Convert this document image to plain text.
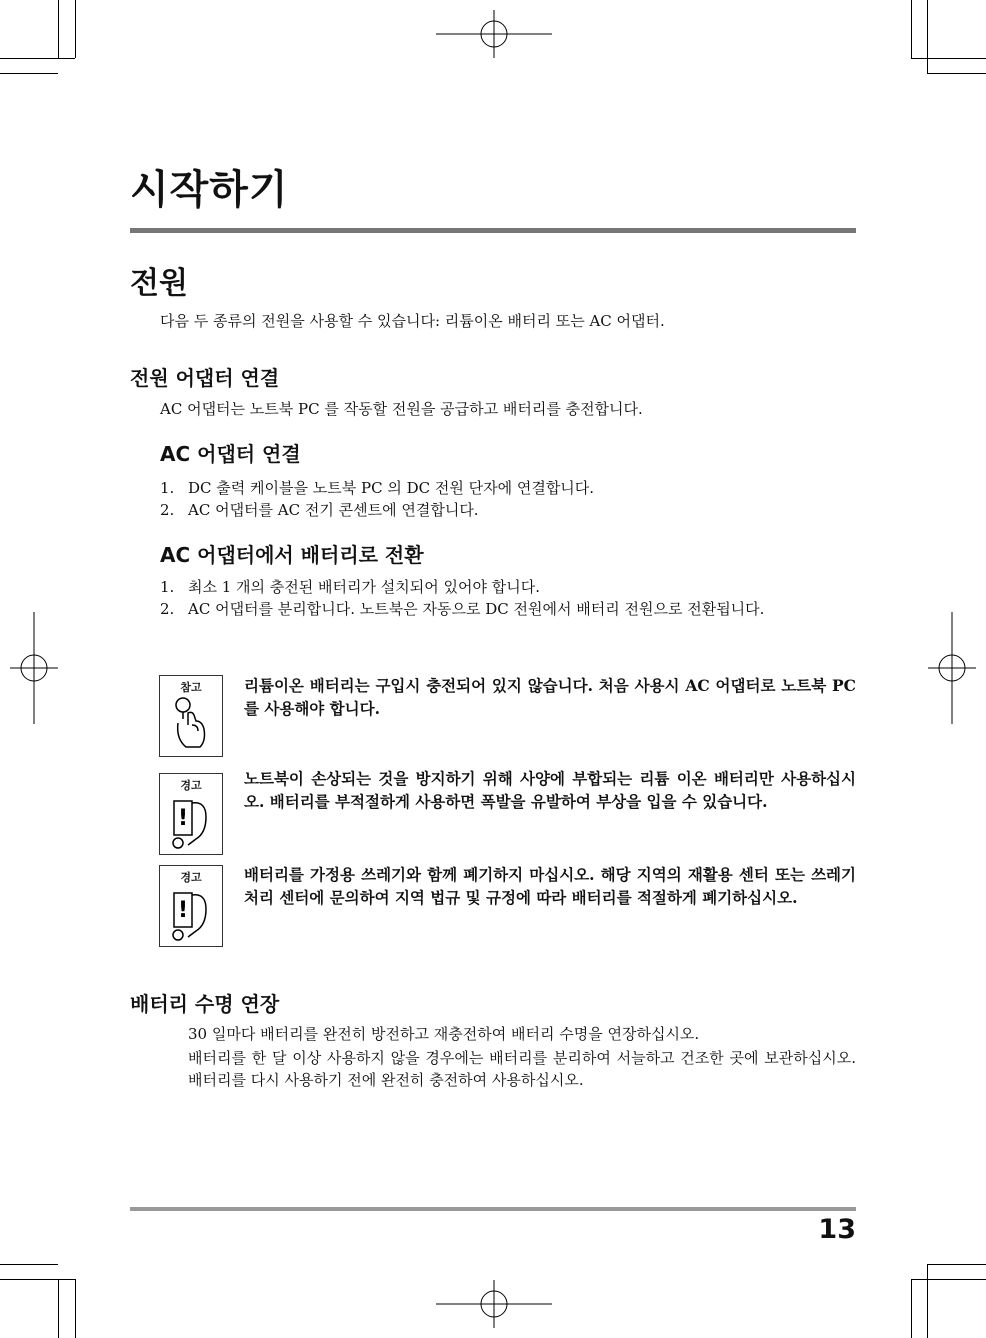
시작하기
전원

다음 두 종류의 전원을 사용할 수 있습니다: 리튬이온 배터리 또는 AC 어댑터.

전원 어댑터 연결

AC 어댑터는 노트북 PC 를 작동할 전원을 공급하고 배터리를 충전합니다.

AC 어댑터 연결
1. DC 출력 케이블을 노트북 PC 의 DC 전원 단자에 연결합니다.
2. AC 어댑터를 AC 전기 콘센트에 연결합니다.
AC 어댑터에서 배터리로 전환
1. 최소 1 개의 충전된 배터리가 설치되어 있어야 합니다.
2. AC 어댑터를 분리합니다. 노트북은 자동으로 DC 전원에서 배터리 전원으로 전환됩니다.
참고	리튬이온 배터리는 구입시 충전되어 있지 않습니다. 처음 사용시 AC 어댑터로 노트북 PC 를 사용해야 합니다.

경고
!

노트북이 손상되는 것을 방지하기 위해 사양에 부합되는 리튬 이온 배터리만 사용하십시오. 배터리를 부적절하게 사용하면 폭발을 유발하여 부상을 입을 수 있습니다.

경고
!

배터리를 가정용 쓰레기와 함께 폐기하지 마십시오. 해당 지역의 재활용 센터 또는 쓰레기 처리 센터에 문의하여 지역 법규 및 규정에 따라 배터리를 적절하게 폐기하십시오.

배터리 수명 연장

30 일마다 배터리를 완전히 방전하고 재충전하여 배터리 수명을 연장하십시오.

배터리를 한 달 이상 사용하지 않을 경우에는 배터리를 분리하여 서늘하고 건조한 곳에 보관하십시오. 배터리를 다시 사용하기 전에 완전히 충전하여 사용하십시오.

13
